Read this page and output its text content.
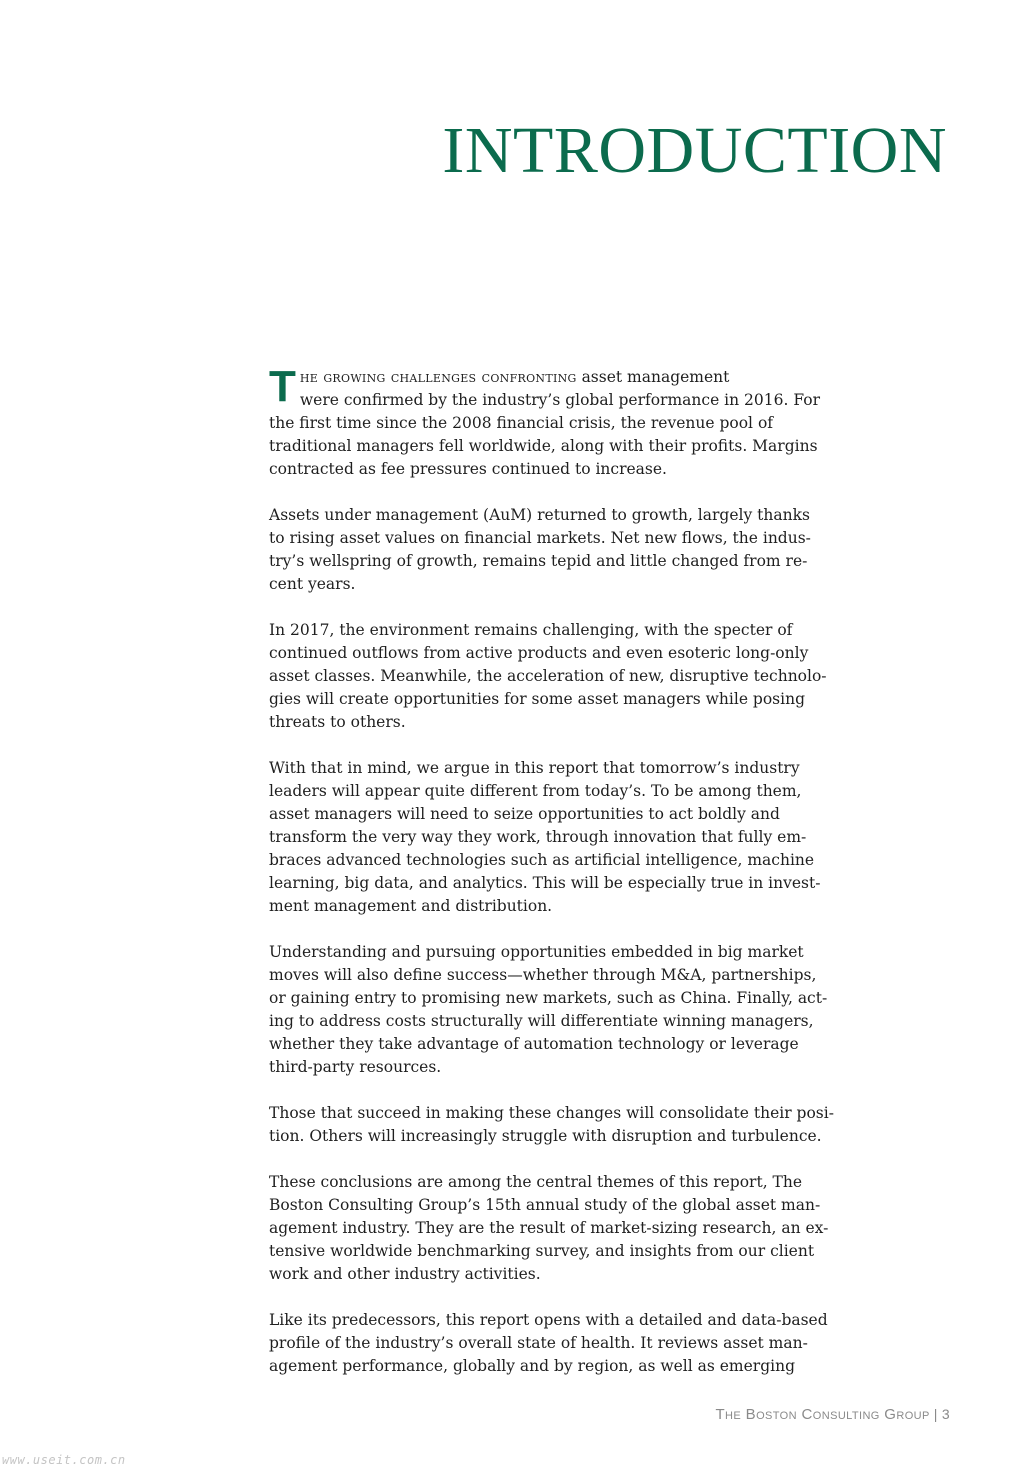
INTRODUCTION

T he growing challenges confronting asset management
were confirmed by the industry’s global performance in 2016. For
the first time since the 2008 financial crisis, the revenue pool of
traditional managers fell worldwide, along with their profits. Margins
contracted as fee pressures continued to increase.

Assets under management (AuM) returned to growth, largely thanks
to rising asset values on financial markets. Net new flows, the indus-
try’s wellspring of growth, remains tepid and little changed from re-
cent years.

In 2017, the environment remains challenging, with the specter of
continued outflows from active products and even esoteric long-only
asset classes. Meanwhile, the acceleration of new, disruptive technolo-
gies will create opportunities for some asset managers while posing
threats to others.

With that in mind, we argue in this report that tomorrow’s industry
leaders will appear quite different from today’s. To be among them,
asset managers will need to seize opportunities to act boldly and
transform the very way they work, through innovation that fully em-
braces advanced technologies such as artificial intelligence, machine
learning, big data, and analytics. This will be especially true in invest-
ment management and distribution.

Understanding and pursuing opportunities embedded in big market
moves will also define success—whether through M&A, partnerships,
or gaining entry to promising new markets, such as China. Finally, act-
ing to address costs structurally will differentiate winning managers,
whether they take advantage of automation technology or leverage
third-party resources.

Those that succeed in making these changes will consolidate their posi-
tion. Others will increasingly struggle with disruption and turbulence.

These conclusions are among the central themes of this report, The
Boston Consulting Group’s 15th annual study of the global asset man-
agement industry. They are the result of market-sizing research, an ex-
tensive worldwide benchmarking survey, and insights from our client
work and other industry activities.

Like its predecessors, this report opens with a detailed and data-based
profile of the industry’s overall state of health. It reviews asset man-
agement performance, globally and by region, as well as emerging

The Boston Consulting Group | 3
www.useit.com.cn
